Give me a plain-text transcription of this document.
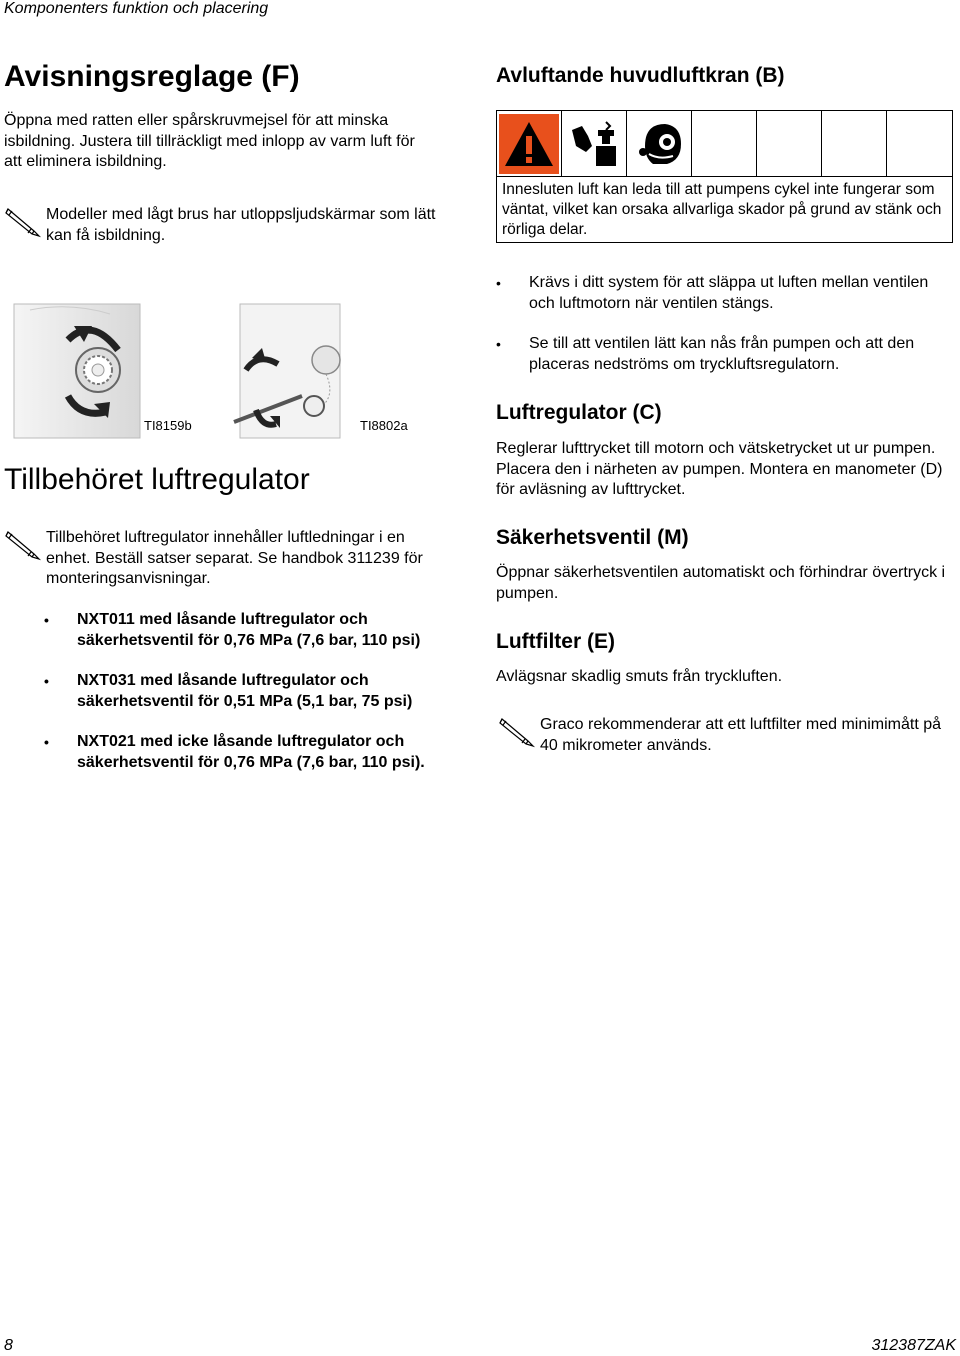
Komponenters funktion och placering
Avisningsreglage (F)
Öppna med ratten eller spårskruvmejsel för att minska isbildning. Justera till tillräckligt med inlopp av varm luft för att eliminera isbildning.
Modeller med lågt brus har utloppsljudskärmar som lätt kan få isbildning.
TI8159b	TI8802a
Tillbehöret luftregulator
Tillbehöret luftregulator innehåller luftledningar i en enhet. Beställ satser separat. Se handbok 311239 för monteringsanvisningar.
• NXT011 med låsande luftregulator och säkerhetsventil för 0,76 MPa (7,6 bar, 110 psi)
• NXT031 med låsande luftregulator och säkerhetsventil för 0,51 MPa (5,1 bar, 75 psi)
• NXT021 med icke låsande luftregulator och säkerhetsventil för 0,76 MPa (7,6 bar, 110 psi).
Avluftande huvudluftkran (B)
Innesluten luft kan leda till att pumpens cykel inte fungerar som väntat, vilket kan orsaka allvarliga skador på grund av stänk och rörliga delar.
• Krävs i ditt system för att släppa ut luften mellan ventilen och luftmotorn när ventilen stängs.
• Se till att ventilen lätt kan nås från pumpen och att den placeras nedströms om tryckluftsregulatorn.
Luftregulator (C)
Reglerar lufttrycket till motorn och vätsketrycket ut ur pumpen. Placera den i närheten av pumpen. Montera en manometer (D) för avläsning av lufttrycket.
Säkerhetsventil (M)
Öppnar säkerhetsventilen automatiskt och förhindrar övertryck i pumpen.
Luftfilter (E)
Avlägsnar skadlig smuts från tryckluften.
Graco rekommenderar att ett luftfilter med minimimått på 40 mikrometer används.
8	312387ZAK
